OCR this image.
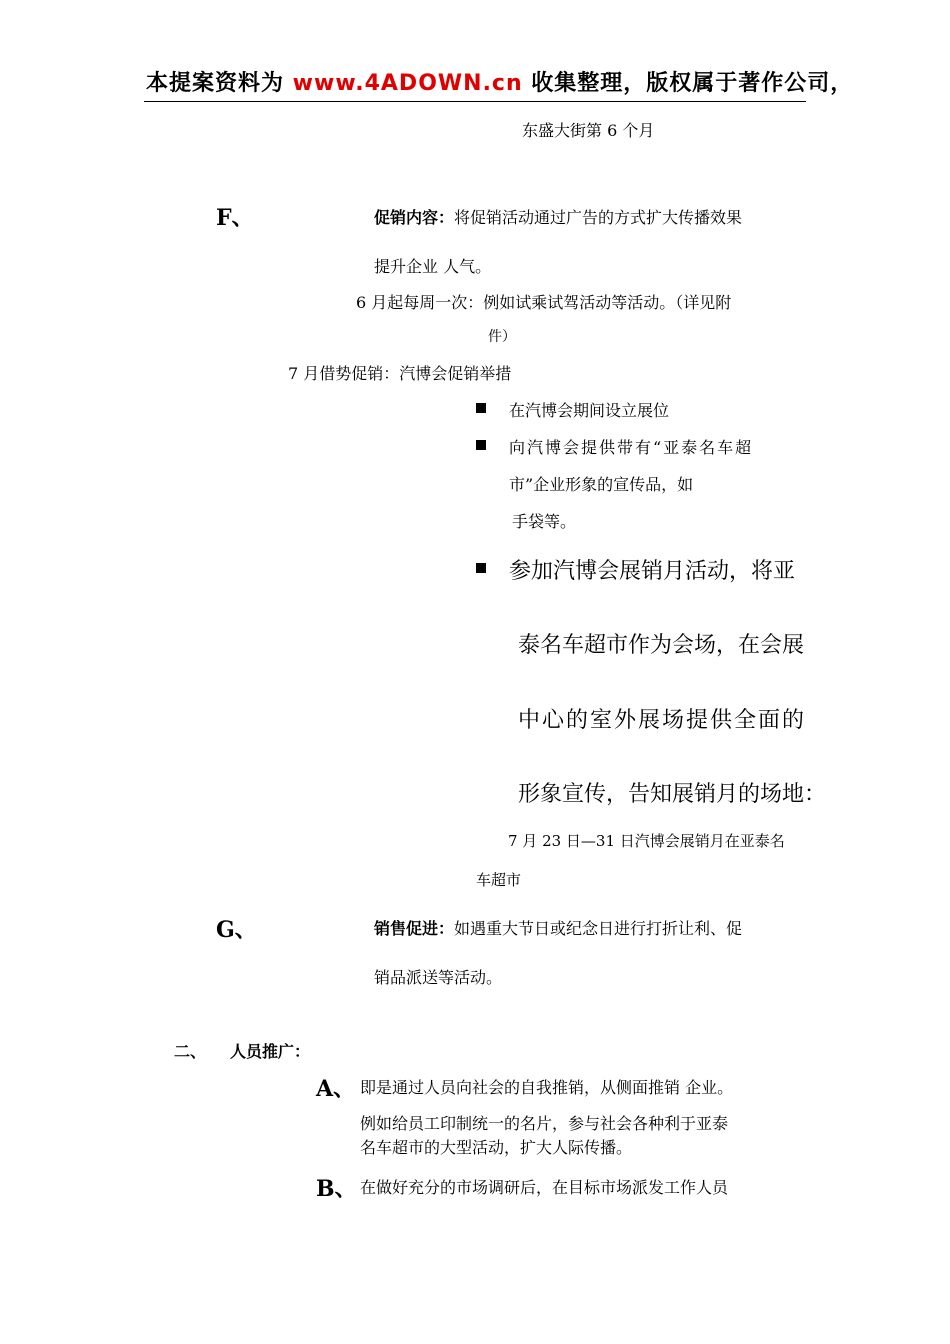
本提案资料为 www.4ADOWN.cn 收集整理，版权属于著作公司，
东盛大街第 6 个月
F、	促销内容：将促销活动通过广告的方式扩大传播效果
提升企业 人气。
6 月起每周一次：例如试乘试驾活动等活动。（详见附
件）
7 月借势促销：汽博会促销举措
在汽博会期间设立展位
向汽博会提供带有“亚泰名车超
市”企业形象的宣传品，如
手袋等。
参加汽博会展销月活动，将亚
泰名车超市作为会场，在会展
中心的室外展场提供全面的
形象宣传，告知展销月的场地：
7 月 23 日—31 日汽博会展销月在亚泰名
车超市
G、	销售促进：如遇重大节日或纪念日进行打折让利、促
销品派送等活动。
二、 人员推广：
A、 即是通过人员向社会的自我推销，从侧面推销 企业。
例如给员工印制统一的名片，参与社会各种利于亚泰
名车超市的大型活动，扩大人际传播。
B、 在做好充分的市场调研后，在目标市场派发工作人员
